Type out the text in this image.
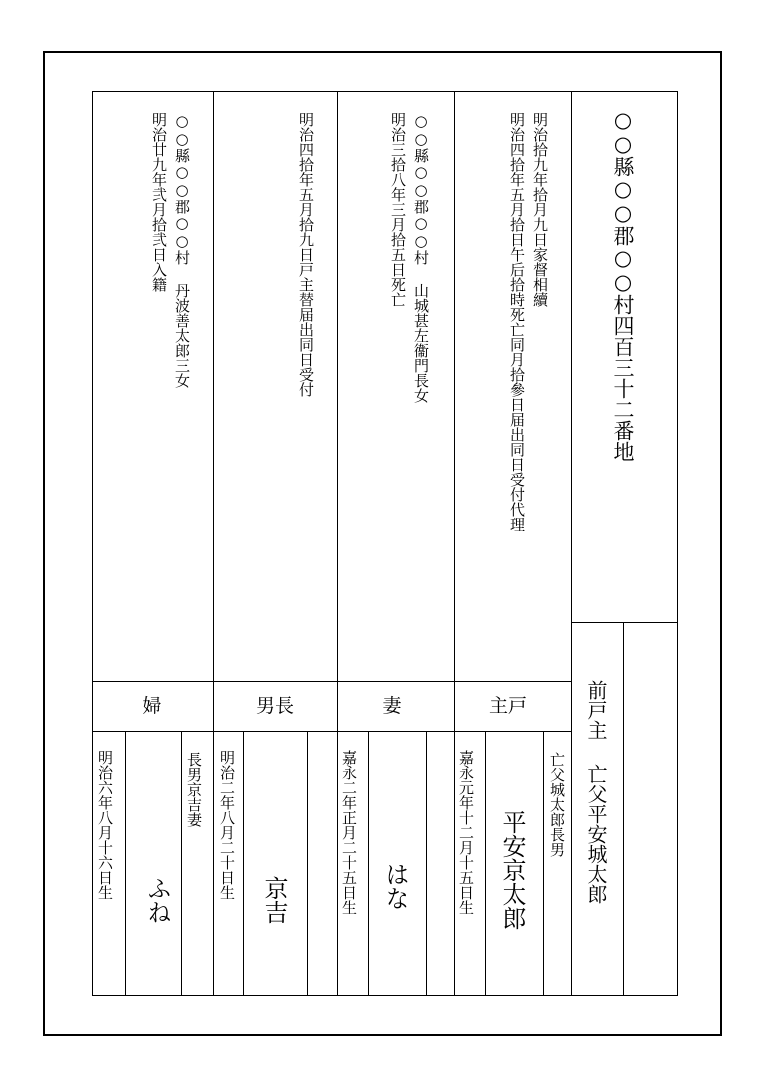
○○縣○○郡○○村四百三十二番地
前戸主 亡父平安城太郎
明治拾九年拾月九日家督相續
明治四拾年五月拾日午后拾時死亡同月拾參日届出同日受付代理
主戸
亡父城太郎長男
平安京太郎
嘉永元年十二月十五日生
○○縣○○郡○○村 山城甚左衞門長女
明治三拾八年三月拾五日死亡
妻
はな
嘉永二年正月二十五日生
明治四拾年五月拾九日戸主替届出同日受付
男長
京吉
明治二年八月二十日生
○○縣○○郡○○村 丹波善太郎三女
明治廿九年弐月拾弐日入籍
婦
長男京吉妻
ふね
明治六年八月十六日生
